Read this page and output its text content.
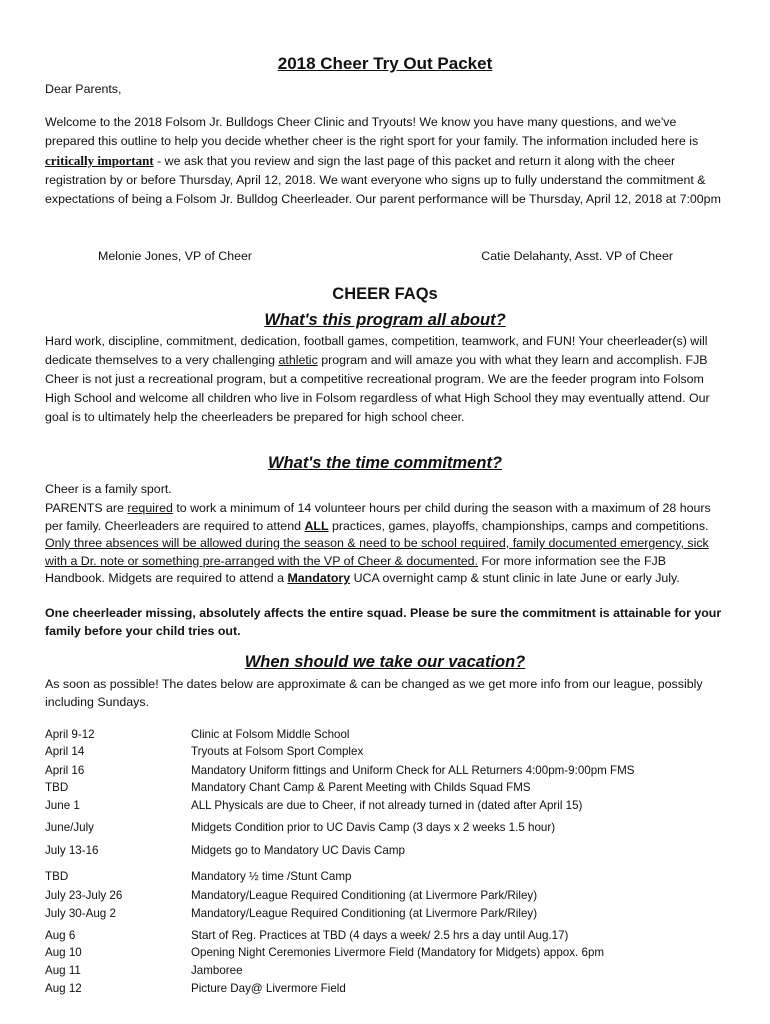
2018 Cheer Try Out Packet

Dear Parents,

Welcome to the 2018 Folsom Jr. Bulldogs Cheer Clinic and Tryouts! We know you have many questions, and we've prepared this outline to help you decide whether cheer is the right sport for your family. The information included here is critically important - we ask that you review and sign the last page of this packet and return it along with the cheer registration by or before Thursday, April 12, 2018. We want everyone who signs up to fully understand the commitment & expectations of being a Folsom Jr. Bulldog Cheerleader. Our parent performance will be Thursday, April 12, 2018 at 7:00pm

Melonie Jones, VP of Cheer	Catie Delahanty, Asst. VP of Cheer
CHEER FAQs
What's this program all about?

Hard work, discipline, commitment, dedication, football games, competition, teamwork, and FUN! Your cheerleader(s) will dedicate themselves to a very challenging athletic program and will amaze you with what they learn and accomplish. FJB Cheer is not just a recreational program, but a competitive recreational program. We are the feeder program into Folsom High School and welcome all children who live in Folsom regardless of what High School they may eventually attend. Our goal is to ultimately help the cheerleaders be prepared for high school cheer.

What's the time commitment?

Cheer is a family sport.

PARENTS are required to work a minimum of 14 volunteer hours per child during the season with a maximum of 28 hours per family. Cheerleaders are required to attend ALL practices, games, playoffs, championships, camps and competitions. Only three absences will be allowed during the season & need to be school required, family documented emergency, sick with a Dr. note or something pre-arranged with the VP of Cheer & documented. For more information see the FJB Handbook. Midgets are required to attend a Mandatory UCA overnight camp & stunt clinic in late June or early July.

One cheerleader missing, absolutely affects the entire squad. Please be sure the commitment is attainable for your family before your child tries out.

When should we take our vacation?

As soon as possible! The dates below are approximate & can be changed as we get more info from our league, possibly including Sundays.

April 9-12	Clinic at Folsom Middle School
April 14	Tryouts at Folsom Sport Complex
April 16	Mandatory Uniform fittings and Uniform Check for ALL Returners 4:00pm-9:00pm FMS
TBD	Mandatory Chant Camp & Parent Meeting with Childs Squad FMS
June 1	ALL Physicals are due to Cheer, if not already turned in (dated after April 15)
June/July	Midgets Condition prior to UC Davis Camp (3 days x 2 weeks 1.5 hour)
July 13-16	Midgets go to Mandatory UC Davis Camp
TBD	Mandatory ½ time /Stunt Camp
July 23-July 26	Mandatory/League Required Conditioning (at Livermore Park/Riley)
July 30-Aug 2	Mandatory/League Required Conditioning (at Livermore Park/Riley)
Aug 6	Start of Reg. Practices at TBD (4 days a week/ 2.5 hrs a day until Aug.17)
Aug 10	Opening Night Ceremonies Livermore Field (Mandatory for Midgets) appox. 6pm
Aug 11	Jamboree
Aug 12	Picture Day@ Livermore Field
